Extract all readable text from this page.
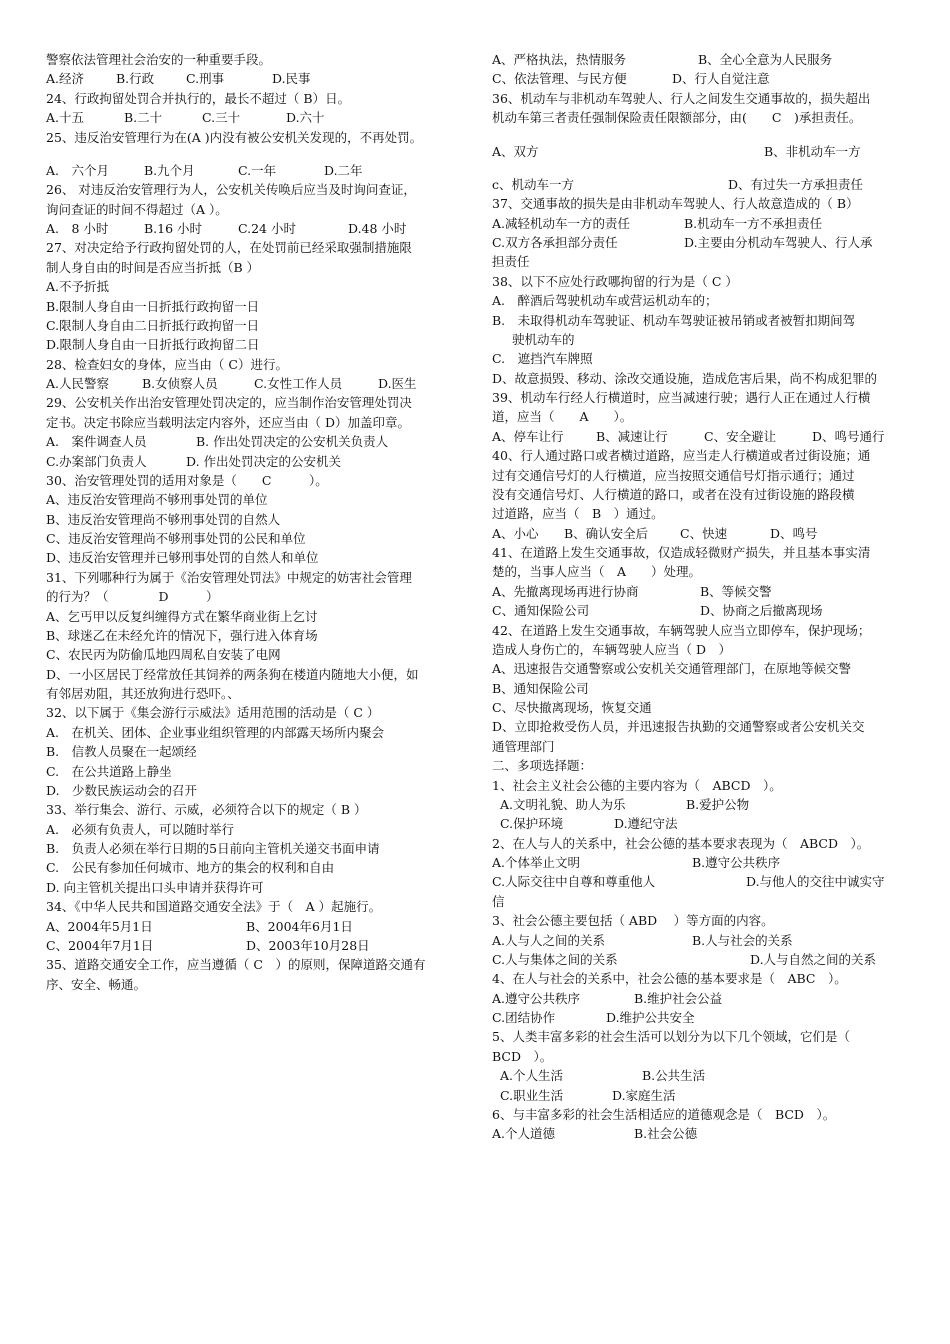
警察依法管理社会治安的一种重要手段。

A.经济	B.行政	C.刑事	D.民事

24、行政拘留处罚合并执行的，最长不超过（ B）日。

A.十五	B.二十	C.三十	D.六十

25、违反治安管理行为在(A )内没有被公安机关发现的，不再处罚。

A.　六个月	B.九个月	C.一年	D.二年

26、 对违反治安管理行为人，公安机关传唤后应当及时询问查证，

询问查证的时间不得超过（A ）。

A.　8 小时	B.16 小时	C.24 小时	D.48 小时

27、对决定给予行政拘留处罚的人，在处罚前已经采取强制措施限

制人身自由的时间是否应当折抵（B ）

A.不予折抵

B.限制人身自由一日折抵行政拘留一日

C.限制人身自由二日折抵行政拘留一日

D.限制人身自由一日折抵行政拘留二日

28、检查妇女的身体，应当由（ C）进行。

A.人民警察	B.女侦察人员	C.女性工作人员	D.医生

29、公安机关作出治安管理处罚决定的，应当制作治安管理处罚决

定书。决定书除应当载明法定内容外，还应当由（ D）加盖印章。

A.　案件调查人员	B. 作出处罚决定的公安机关负责人
C.办案部门负责人	D. 作出处罚决定的公安机关

30、治安管理处罚的适用对象是（　　C　　　）。

A、违反治安管理尚不够刑事处罚的单位

B、违反治安管理尚不够刑事处罚的自然人

C、违反治安管理尚不够刑事处罚的公民和单位

D、违反治安管理并已够刑事处罚的自然人和单位

31、下列哪种行为属于《治安管理处罚法》中规定的妨害社会管理

的行为？（　　　　D　　　）

A、乞丐甲以反复纠缠得方式在繁华商业街上乞讨

B、球迷乙在未经允许的情况下，强行进入体育场

C、农民丙为防偷瓜地四周私自安装了电网

D、一小区居民丁经常放任其饲养的两条狗在楼道内随地大小便，如

有邻居劝阻，其还放狗进行恐吓。、

32、以下属于《集会游行示威法》适用范围的活动是（ C ）

A.　在机关、团体、企业事业组织管理的内部露天场所内聚会

B.　信教人员聚在一起颂经

C.　在公共道路上静坐

D.　少数民族运动会的召开

33、举行集会、游行、示威，必须符合以下的规定（ B ）

A.　必须有负责人，可以随时举行

B.　负责人必须在举行日期的5日前向主管机关递交书面申请

C.　公民有参加任何城市、地方的集会的权利和自由

D. 向主管机关提出口头申请并获得许可

34、《中华人民共和国道路交通安全法》于（　A ）起施行。

A、2004年5月1日	B、2004年6月1日
C、2004年7月1日	D、2003年10月28日

35、道路交通安全工作，应当遵循（ C　）的原则，保障道路交通有

序、安全、畅通。

A、严格执法，热情服务	B、全心全意为人民服务
C、依法管理、与民方便	D、行人自觉注意

36、机动车与非机动车驾驶人、行人之间发生交通事故的，损失超出

机动车第三者责任强制保险责任限额部分，由(　　C　)承担责任。

A、双方	B、非机动车一方
c、机动车一方	D、有过失一方承担责任

37、交通事故的损失是由非机动车驾驶人、行人故意造成的（ B）

A.减轻机动车一方的责任	B.机动车一方不承担责任
C.双方各承担部分责任	D.主要由分机动车驾驶人、行人承

担责任

38、以下不应处行政哪拘留的行为是（ C ）

A.　醉酒后驾驶机动车或营运机动车的；

B.　未取得机动车驾驶证、机动车驾驶证被吊销或者被暂扣期间驾

驶机动车的

C.　遮挡汽车牌照

D、故意损毁、移动、涂改交通设施，造成危害后果，尚不构成犯罪的

39、机动车行经人行横道时，应当减速行驶；遇行人正在通过人行横

道，应当（　　A　　）。

A、停车让行	B、减速让行	C、安全避让	D、鸣号通行

40、行人通过路口或者横过道路，应当走人行横道或者过街设施；通

过有交通信号灯的人行横道，应当按照交通信号灯指示通行；通过

没有交通信号灯、人行横道的路口，或者在没有过街设施的路段横

过道路，应当（　B　）通过。

A、小心	B、确认安全后	C、快速	D、鸣号

41、在道路上发生交通事故，仅造成轻微财产损失，并且基本事实清

楚的，当事人应当（　A　　）处理。

A、先撤离现场再进行协商	B、等候交警
C、通知保险公司	D、协商之后撤离现场

42、在道路上发生交通事故，车辆驾驶人应当立即停车，保护现场；

造成人身伤亡的，车辆驾驶人应当（ D　）

A、迅速报告交通警察或公安机关交通管理部门，在原地等候交警

B、通知保险公司

C、尽快撤离现场，恢复交通

D、立即抢救受伤人员，并迅速报告执勤的交通警察或者公安机关交

通管理部门

二、多项选择题：

1、社会主义社会公德的主要内容为（　ABCD　）。

A.文明礼貌、助人为乐	B.爱护公物
C.保护环境	D.遵纪守法

2、在人与人的关系中，社会公德的基本要求表现为（　ABCD　）。

A.个体举止文明	B.遵守公共秩序
C.人际交往中自尊和尊重他人	D.与他人的交往中诚实守

信

3、社会公德主要包括（ ABD　 ）等方面的内容。

A.人与人之间的关系	B.人与社会的关系
C.人与集体之间的关系	D.人与自然之间的关系

4、在人与社会的关系中，社会公德的基本要求是（　ABC　）。

A.遵守公共秩序	B.维护社会公益
C.团结协作	D.维护公共安全

5、人类丰富多彩的社会生活可以划分为以下几个领域，它们是（

BCD　）。

A.个人生活	B.公共生活
C.职业生活	D.家庭生活

6、与丰富多彩的社会生活相适应的道德观念是（　BCD　）。

A.个人道德	B.社会公德
